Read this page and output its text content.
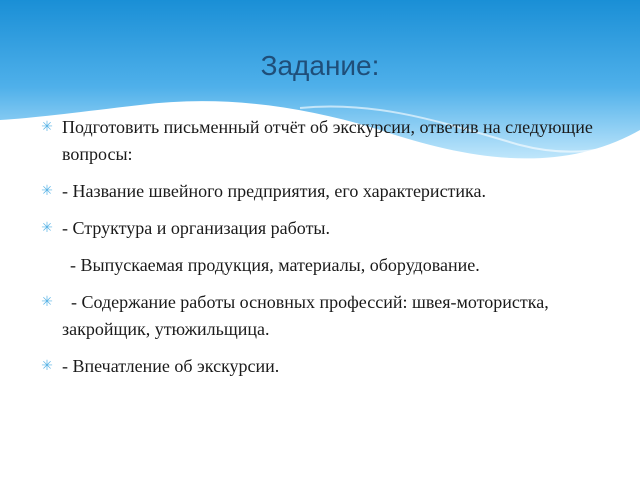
Задание:
✳ Подготовить письменный отчёт об экскурсии, ответив на следующие вопросы:
✳ - Название швейного предприятия, его характеристика.
✳ - Структура и организация работы.
- Выпускаемая продукция, материалы, оборудование.
✳ - Содержание работы основных профессий: швея-мотористка, закройщик, утюжильщица.
✳ - Впечатление об экскурсии.
